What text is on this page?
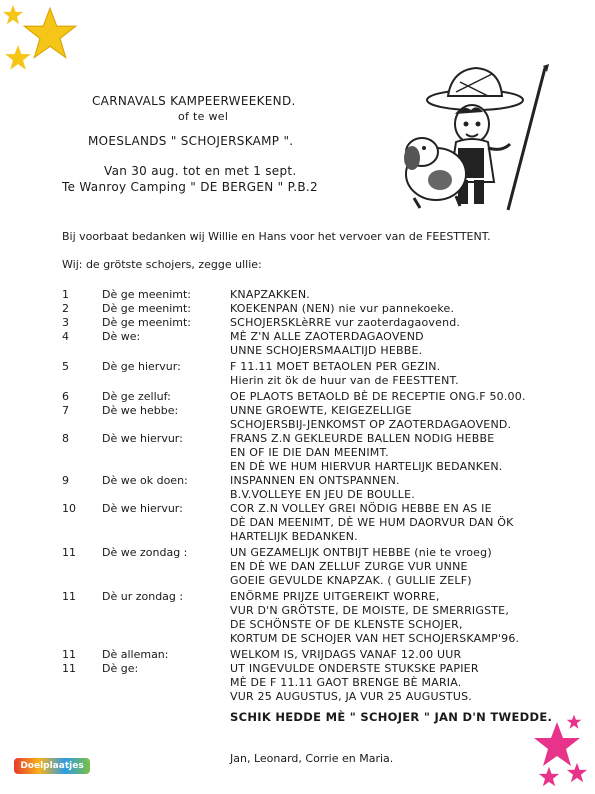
CARNAVALS KAMPEERWEEKEND.
of te wel
MOESLANDS " SCHOJERSKAMP ".
Van 30 aug. tot en met 1 sept.
Te Wanroy Camping " DE BERGEN " P.B.2
Bij voorbaat bedanken wij Willie en Hans voor het vervoer van de FEESTTENT.
Wij: de grötste schojers, zegge ullie:
1	Dè ge meenimt:	KNAPZAKKEN.
2	Dè ge meenimt:	KOEKENPAN (NEN) nie vur pannekoeke.
3	Dè ge meenimt:	SCHOJERSKLèRRE vur zaoterdagaovend.
4	Dè we:	MÈ Z'N ALLE ZAOTERDAGAOVEND
UNNE SCHOJERSMAALTIJD HEBBE.
5	Dè ge hiervur:	F 11.11 MOET BETAOLEN PER GEZIN.
Hierin zit ök de huur van de FEESTTENT.
6	Dè ge zelluf:	OE PLAOTS BETAOLD BÈ DE RECEPTIE ONG.F 50.00.
7	Dè we hebbe:	UNNE GROEWTE, KEIGEZELLIGE
SCHOJERSBIJ-JENKOMST OP ZAOTERDAGAOVEND.
8	Dè we hiervur:	FRANS Z.N GEKLEURDE BALLEN NODIG HEBBE
EN OF IE DIE DAN MEENIMT.
EN DÈ WE HUM HIERVUR HARTELIJK BEDANKEN.
9	Dè we ok doen:	INSPANNEN EN ONTSPANNEN.
B.V.VOLLEYE EN JEU DE BOULLE.
10	Dè we hiervur:	COR Z.N VOLLEY GREI NÖDIG HEBBE EN AS IE
DÈ DAN MEENIMT, DÈ WE HUM DAORVUR DAN ÖK
HARTELIJK BEDANKEN.
11	Dè we zondag :	UN GEZAMELIJK ONTBIJT HEBBE (nie te vroeg)
EN DÈ WE DAN ZELLUF ZURGE VUR UNNE
GOEIE GEVULDE KNAPZAK. ( GULLIE ZELF)
11	Dè ur zondag :	ENÖRME PRIJZE UITGEREIKT WORRE,
VUR D'N GRÖTSTE, DE MOISTE, DE SMERRIGSTE,
DE SCHÖNSTE OF DE KLENSTE SCHOJER,
KORTUM DE SCHOJER VAN HET SCHOJERSKAMP'96.
11	Dè alleman:	WELKOM IS, VRIJDAGS VANAF 12.00 UUR
11	Dè ge:	UT INGEVULDE ONDERSTE STUKSKE PAPIER
MÈ DE F 11.11 GAOT BRENGE BÈ MARIA.
VUR 25 AUGUSTUS, JA VUR 25 AUGUSTUS.
SCHIK HEDDE MÈ " SCHOJER " JAN D'N TWEDDE.
Jan, Leonard, Corrie en Maria.
Doelplaatjes
